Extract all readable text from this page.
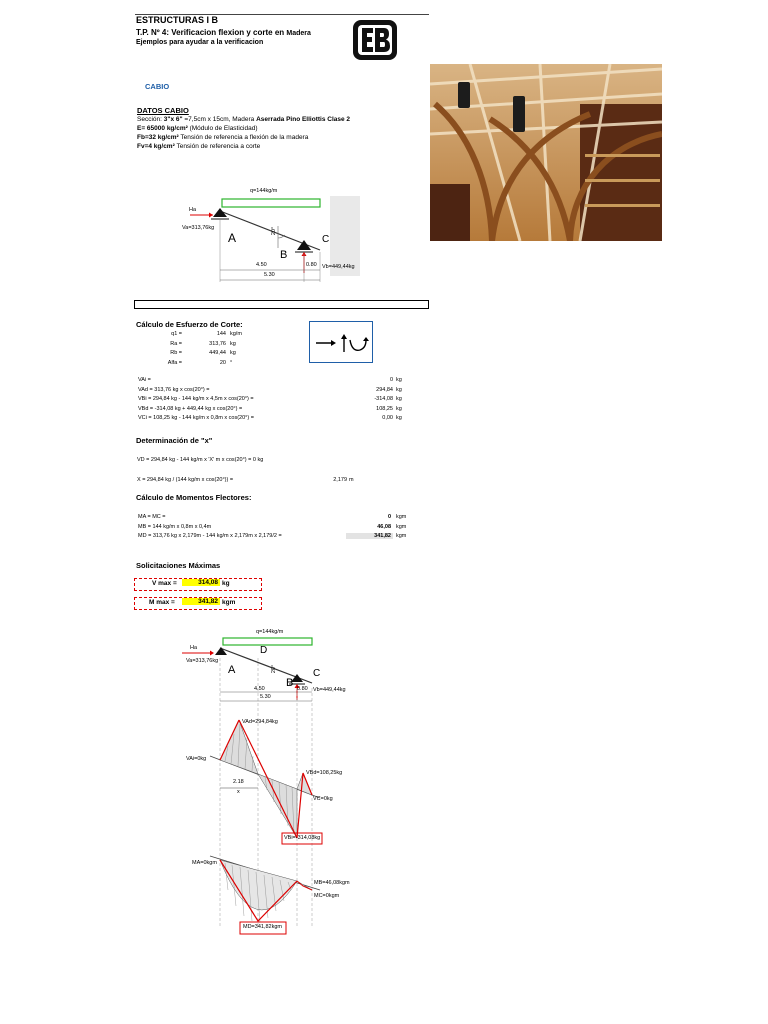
ESTRUCTURAS I B
T.P. Nº 4: Verificacion flexion y corte en Madera
Ejemplos para ayudar a la verificacion
CABIO
DATOS CABIO
Sección: 3"x 6" =7,5cm x 15cm, Madera Aserrada Pino Elliottis Clase 2
E= 65000 kg/cm² (Módulo de Elasticidad)
Fb=32 kg/cm² Tensión de referencia a flexión de la madera
Fv=4 kg/cm² Tensión de referencia a corte
q=144kg/m
Ha
Va=313,76kg
A
B
C
20°
4.50	0.80
5.30
Vb=449,44kg
Cálculo de Esfuerzo de Corte:
q1 =	144 kg/m
Ra =	313,76 kg
Rb =	449,44 kg
Alfa =	20 °
VAi =	0 kg
VAd = 313,76 kg x cos(20°) =	294,84 kg
VBi = 294,84 kg - 144 kg/m x 4,5m x cos(20°) =	-314,08 kg
VBd = -314,08 kg + 449,44 kg x cos(20°) =	108,25 kg
VCi = 108,25 kg - 144 kg/m x 0,8m x cos(20°) =	0,00 kg
Determinación de "x"
VD = 294,84 kg - 144 kg/m x 'X' m x cos(20°) = 0 kg
X = 294,84 kg / (144 kg/m x cos(20°)) =	2,179 m
Cálculo de Momentos Flectores:
MA = MC =	0 kgm
MB = 144 kg/m x 0,8m x 0,4m	46,08 kgm
MD = 313,76 kg x 2,179m - 144 kg/m x 2,179m x 2,179/2 =	341,82 kgm
Solicitaciones Máximas
V max =	314,08 kg
M max =	341,82 kgm
q=144kg/m
Ha
Va=313,76kg
A
D
B
C
20°
4.50	0.80
5.30
Vb=449,44kg
VAd=294,84kg
VAi=0kg
VBd=108,25kg
2.18
x
VC=0kg
VBi=-314,08kg
MA=0kgm
MB=46,08kgm
MC=0kgm
MD=341,82kgm
